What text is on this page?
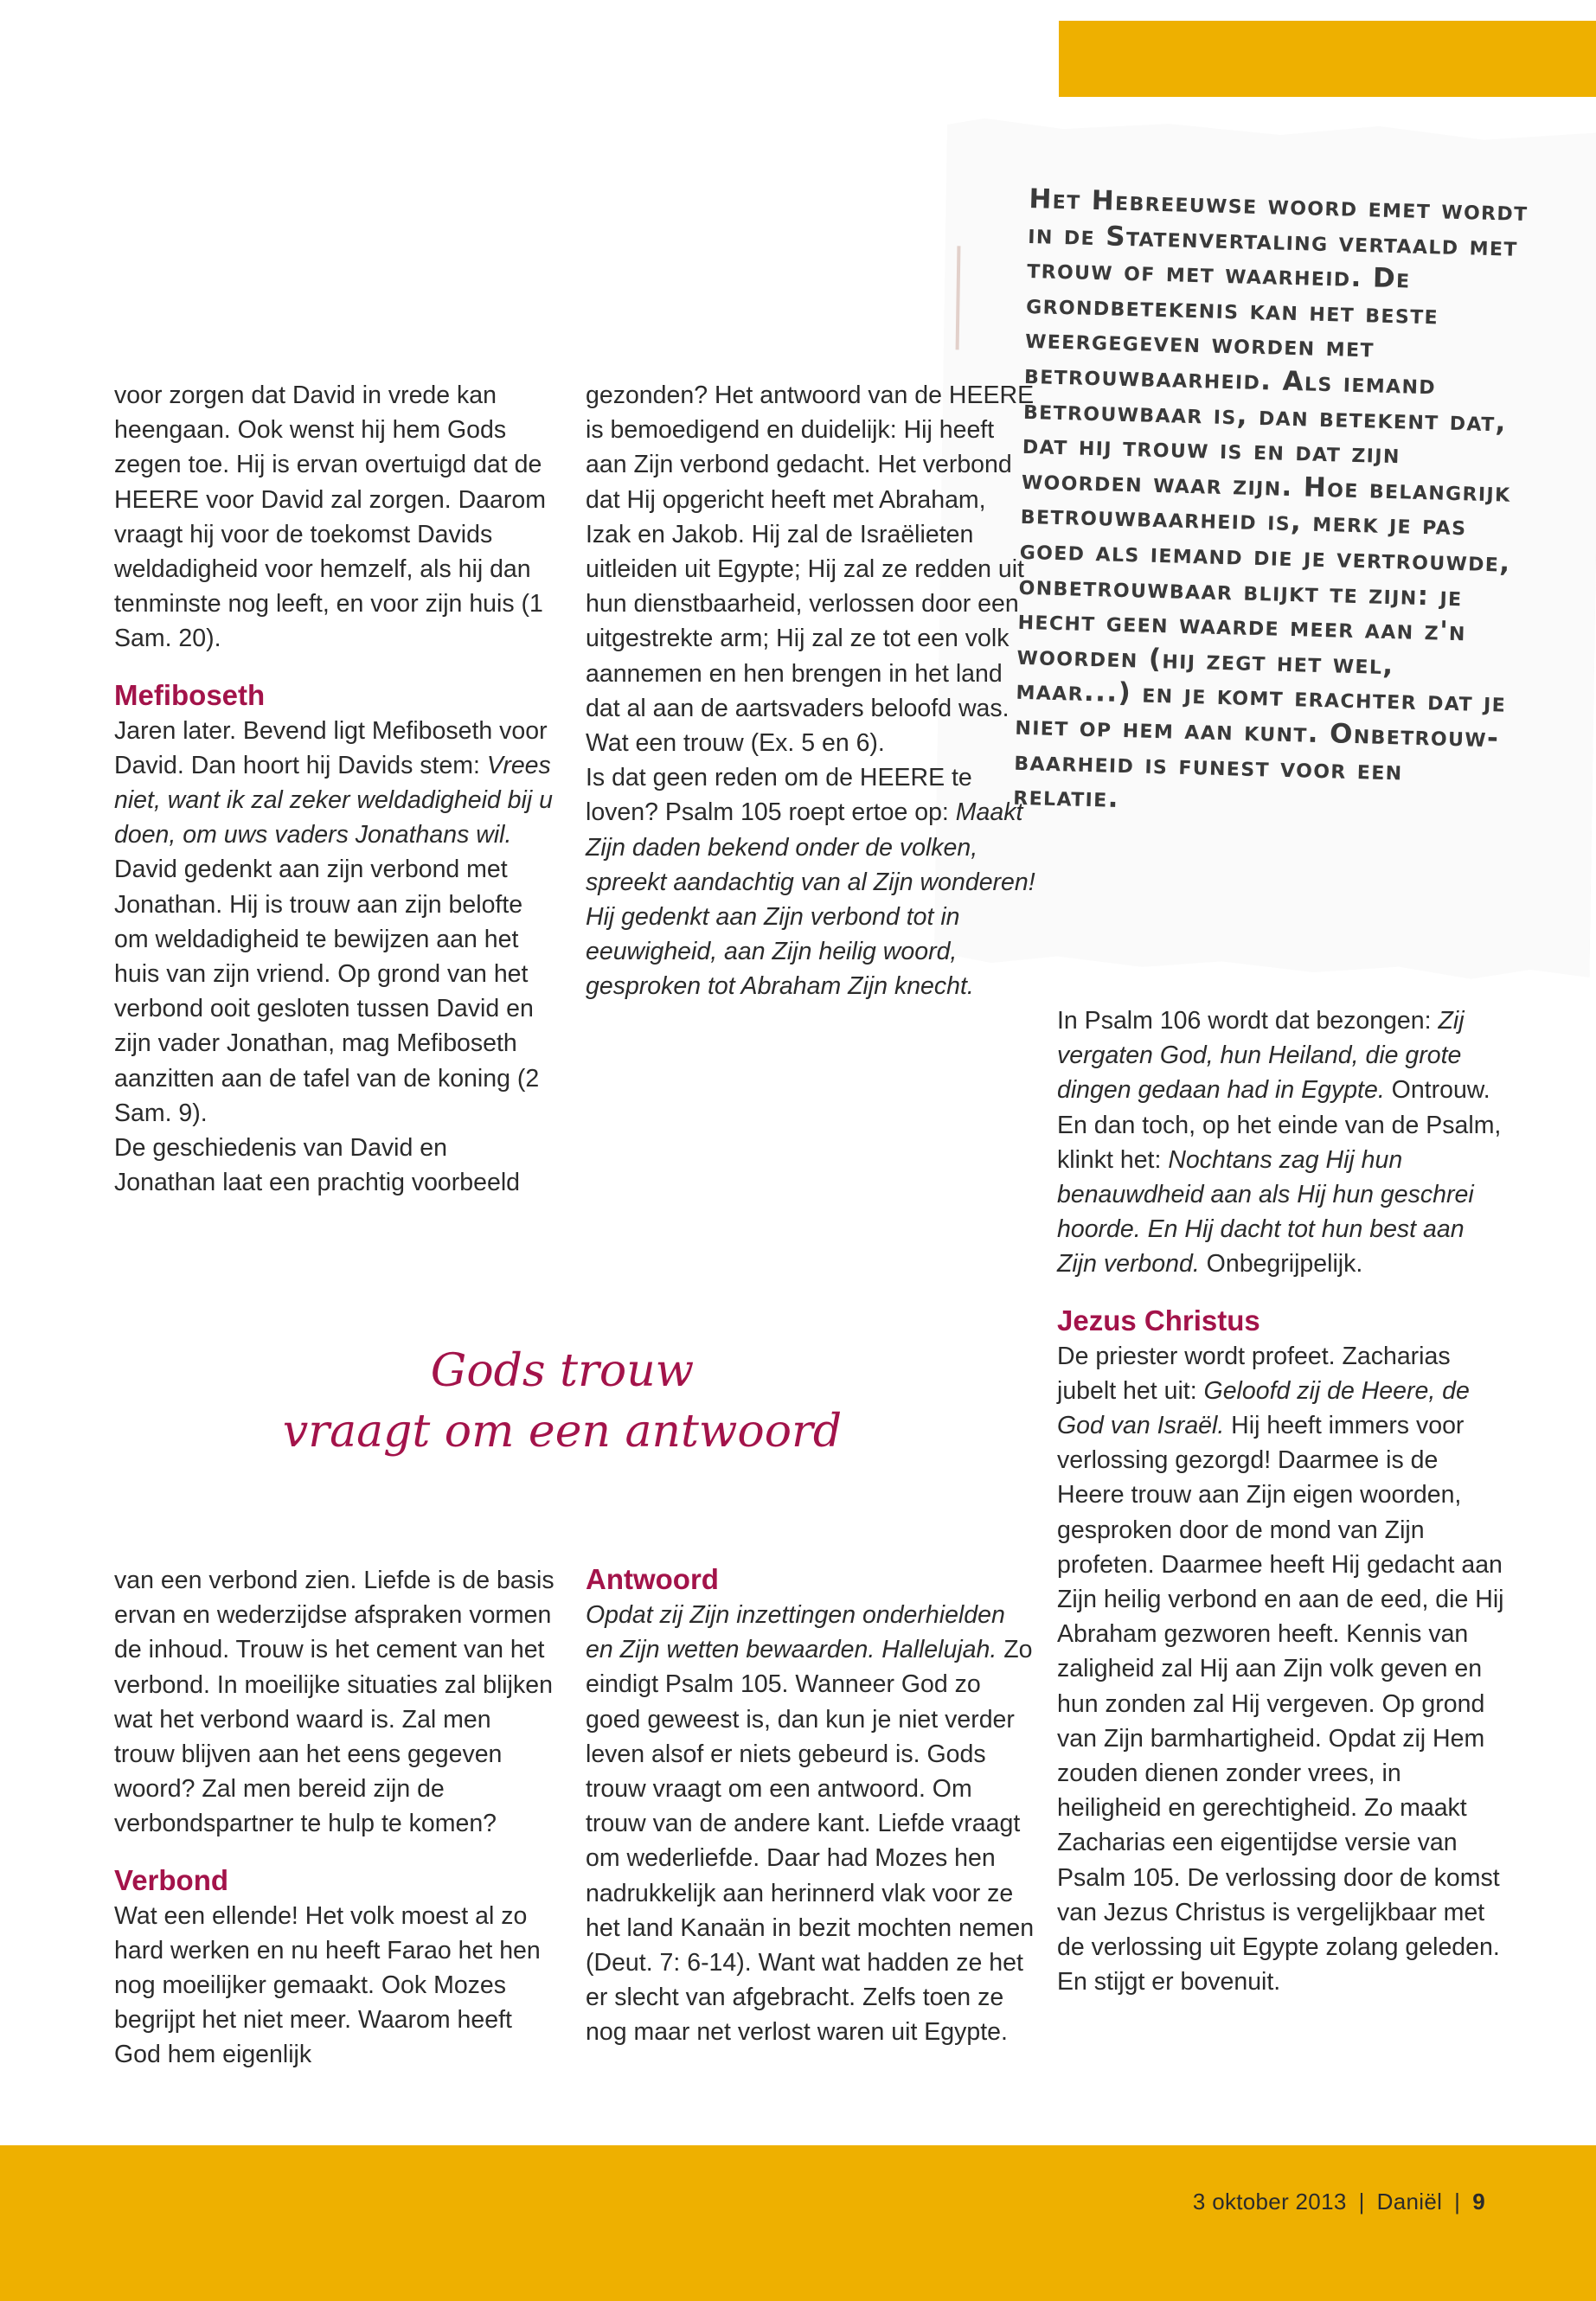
Het Hebreeuwse woord emet wordt in de Statenvertaling vertaald met trouw of met waarheid. De grondbetekenis kan het beste weergegeven worden met betrouwbaarheid. Als iemand betrouwbaar is, dan betekent dat, dat hij trouw is en dat zijn woorden waar zijn. Hoe belangrijk betrouwbaarheid is, merk je pas goed als iemand die je vertrouwde, onbetrouwbaar blijkt te zijn: je hecht geen waarde meer aan z'n woorden (hij zegt het wel, maar...) en je komt erachter dat je niet op hem aan kunt. Onbetrouwbaarheid is funest voor een relatie.

voor zorgen dat David in vrede kan heengaan. Ook wenst hij hem Gods zegen toe. Hij is ervan overtuigd dat de HEERE voor David zal zorgen. Daarom vraagt hij voor de toekomst Davids weldadigheid voor hemzelf, als hij dan tenminste nog leeft, en voor zijn huis (1 Sam. 20).

Mefiboseth

Jaren later. Bevend ligt Mefiboseth voor David. Dan hoort hij Davids stem: Vrees niet, want ik zal zeker weldadigheid bij u doen, om uws vaders Jonathans wil. David gedenkt aan zijn verbond met Jonathan. Hij is trouw aan zijn belofte om weldadigheid te bewijzen aan het huis van zijn vriend. Op grond van het verbond ooit gesloten tussen David en zijn vader Jonathan, mag Mefiboseth aanzitten aan de tafel van de koning (2 Sam. 9).

De geschiedenis van David en Jonathan laat een prachtig voorbeeld

gezonden? Het antwoord van de HEERE is bemoedigend en duidelijk: Hij heeft aan Zijn verbond gedacht. Het verbond dat Hij opgericht heeft met Abraham, Izak en Jakob. Hij zal de Israëlieten uitleiden uit Egypte; Hij zal ze redden uit hun dienstbaarheid, verlossen door een uitgestrekte arm; Hij zal ze tot een volk aannemen en hen brengen in het land dat al aan de aartsvaders beloofd was. Wat een trouw (Ex. 5 en 6).

Is dat geen reden om de HEERE te loven? Psalm 105 roept ertoe op: Maakt Zijn daden bekend onder de volken, spreekt aandachtig van al Zijn wonderen! Hij gedenkt aan Zijn verbond tot in eeuwigheid, aan Zijn heilig woord, gesproken tot Abraham Zijn knecht.

In Psalm 106 wordt dat bezongen: Zij vergaten God, hun Heiland, die grote dingen gedaan had in Egypte. Ontrouw. En dan toch, op het einde van de Psalm, klinkt het: Nochtans zag Hij hun benauwdheid aan als Hij hun geschrei hoorde. En Hij dacht tot hun best aan Zijn verbond. Onbegrijpelijk.

Jezus Christus

De priester wordt profeet. Zacharias jubelt het uit: Geloofd zij de Heere, de God van Israël. Hij heeft immers voor verlossing gezorgd! Daarmee is de Heere trouw aan Zijn eigen woorden, gesproken door de mond van Zijn profeten. Daarmee heeft Hij gedacht aan Zijn heilig verbond en aan de eed, die Hij Abraham gezworen heeft. Kennis van zaligheid zal Hij aan Zijn volk geven en hun zonden zal Hij vergeven. Op grond van Zijn barmhartigheid. Opdat zij Hem zouden dienen zonder vrees, in heiligheid en gerechtigheid. Zo maakt Zacharias een eigentijdse versie van Psalm 105. De verlossing door de komst van Jezus Christus is vergelijkbaar met de verlossing uit Egypte zolang geleden. En stijgt er bovenuit.

Gods trouw
vraagt om een antwoord

van een verbond zien. Liefde is de basis ervan en wederzijdse afspraken vormen de inhoud. Trouw is het cement van het verbond. In moeilijke situaties zal blijken wat het verbond waard is. Zal men trouw blijven aan het eens gegeven woord? Zal men bereid zijn de verbondspartner te hulp te komen?

Verbond

Wat een ellende! Het volk moest al zo hard werken en nu heeft Farao het hen nog moeilijker gemaakt. Ook Mozes begrijpt het niet meer. Waarom heeft God hem eigenlijk

Antwoord

Opdat zij Zijn inzettingen onderhielden en Zijn wetten bewaarden. Hallelujah. Zo eindigt Psalm 105. Wanneer God zo goed geweest is, dan kun je niet verder leven alsof er niets gebeurd is. Gods trouw vraagt om een antwoord. Om trouw van de andere kant. Liefde vraagt om wederliefde. Daar had Mozes hen nadrukkelijk aan herinnerd vlak voor ze het land Kanaän in bezit mochten nemen (Deut. 7: 6-14). Want wat hadden ze het er slecht van afgebracht. Zelfs toen ze nog maar net verlost waren uit Egypte.

3 oktober 2013 | Daniël | 9
